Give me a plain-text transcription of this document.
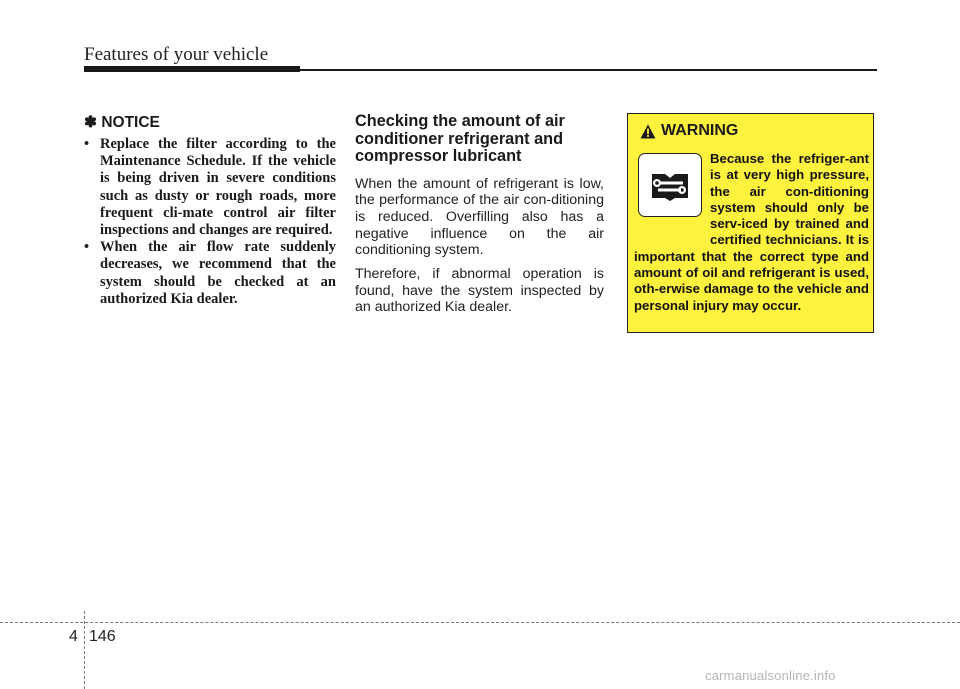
Features of your vehicle
✽ NOTICE
• Replace the filter according to the Maintenance Schedule. If the vehicle is being driven in severe conditions such as dusty or rough roads, more frequent cli-mate control air filter inspections and changes are required.
• When the air flow rate suddenly decreases, we recommend that the system should be checked at an authorized Kia dealer.
Checking the amount of air conditioner refrigerant and compressor lubricant

When the amount of refrigerant is low, the performance of the air con-ditioning is reduced. Overfilling also has a negative influence on the air conditioning system.

Therefore, if abnormal operation is found, have the system inspected by an authorized Kia dealer.

WARNING

Because the refriger-ant is at very high pressure, the air con-ditioning system should only be serv-iced by trained and certified technicians. It is important that the correct type and amount of oil and refrigerant is used, oth-erwise damage to the vehicle and personal injury may occur.

4 146
carmanualsonline.info
